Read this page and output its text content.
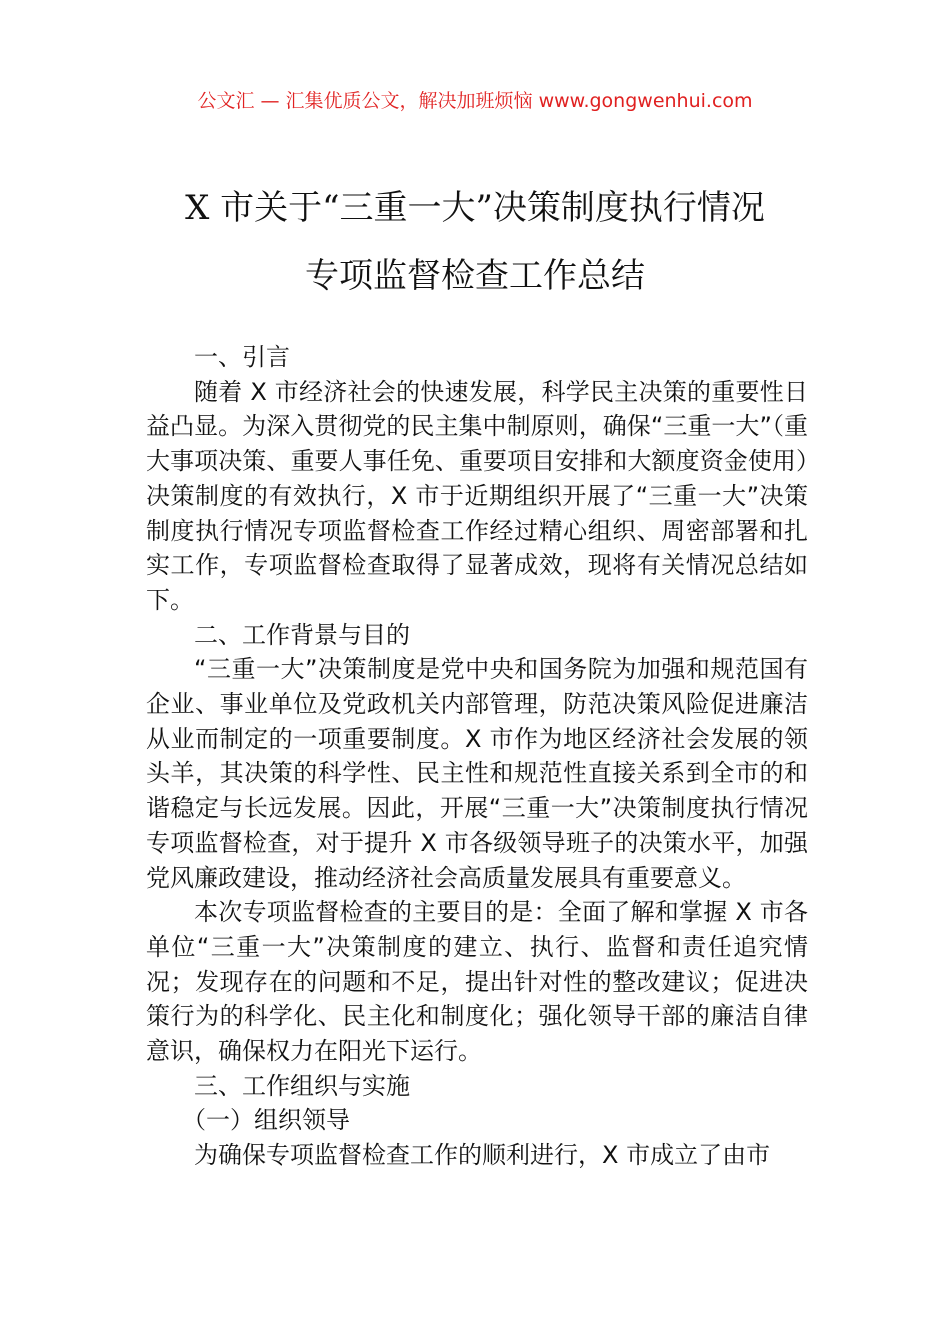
公文汇 — 汇集优质公文，解决加班烦恼 www.gongwenhui.com
X 市关于“三重一大”决策制度执行情况
专项监督检查工作总结

一、引言

随着 X 市经济社会的快速发展，科学民主决策的重要性日益凸显。为深入贯彻党的民主集中制原则，确保“三重一大”（重大事项决策、重要人事任免、重要项目安排和大额度资金使用）决策制度的有效执行，X 市于近期组织开展了“三重一大”决策制度执行情况专项监督检查工作经过精心组织、周密部署和扎实工作，专项监督检查取得了显著成效，现将有关情况总结如下。

二、工作背景与目的

“三重一大”决策制度是党中央和国务院为加强和规范国有企业、事业单位及党政机关内部管理，防范决策风险促进廉洁从业而制定的一项重要制度。X 市作为地区经济社会发展的领头羊，其决策的科学性、民主性和规范性直接关系到全市的和谐稳定与长远发展。因此，开展“三重一大”决策制度执行情况专项监督检查，对于提升 X 市各级领导班子的决策水平，加强党风廉政建设，推动经济社会高质量发展具有重要意义。

本次专项监督检查的主要目的是：全面了解和掌握 X 市各单位“三重一大”决策制度的建立、执行、监督和责任追究情况；发现存在的问题和不足，提出针对性的整改建议；促进决策行为的科学化、民主化和制度化；强化领导干部的廉洁自律意识，确保权力在阳光下运行。

三、工作组织与实施

（一）组织领导

为确保专项监督检查工作的顺利进行，X 市成立了由市
